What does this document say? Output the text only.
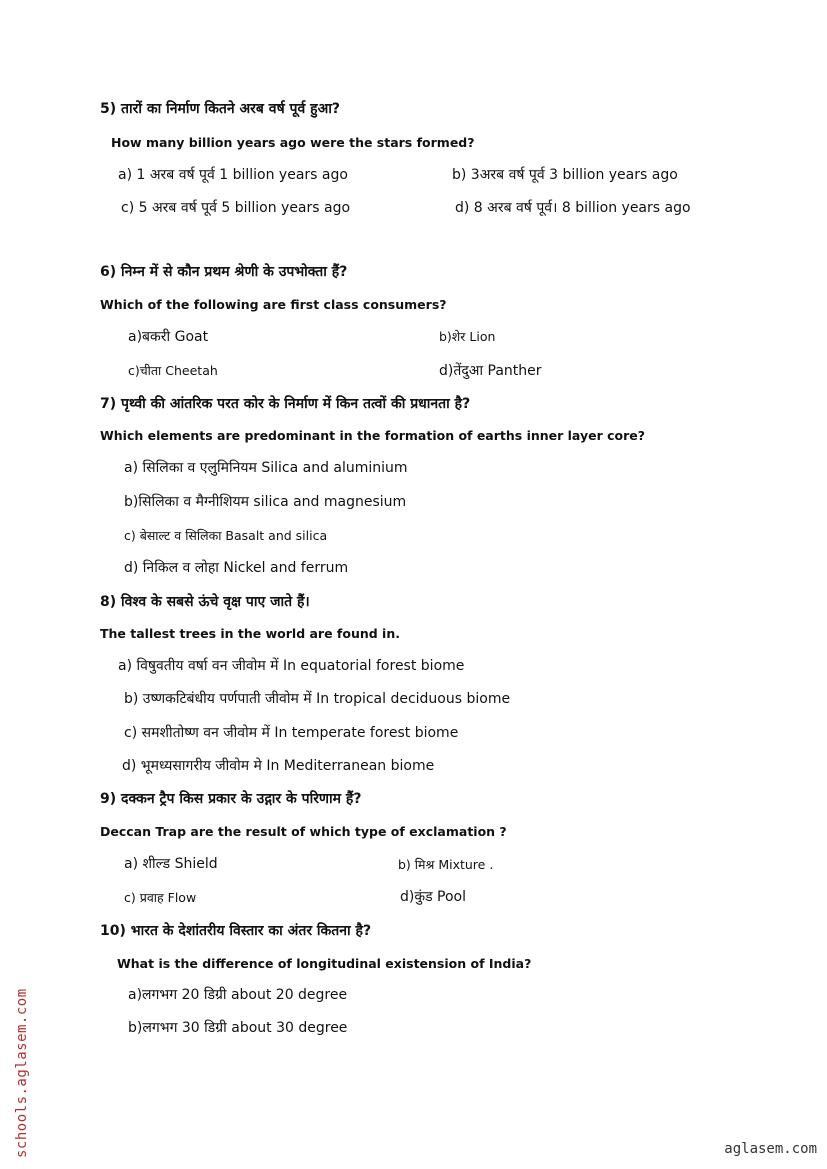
5) तारों का निर्माण कितने अरब वर्ष पूर्व हुआ?
How many billion years ago were the stars formed?
a) 1 अरब वर्ष पूर्व 1 billion years ago	b) 3अरब वर्ष पूर्व 3 billion years ago
c) 5 अरब वर्ष पूर्व 5 billion years ago	d) 8 अरब वर्ष पूर्व। 8 billion years ago
6) निम्न में से कौन प्रथम श्रेणी के उपभोक्ता हैं?
Which of the following are first class consumers?
a)बकरी Goat	b)शेर Lion
c)चीता Cheetah	d)तेंदुआ Panther
7) पृथ्वी की आंतरिक परत कोर के निर्माण में किन तत्वों की प्रधानता है?
Which elements are predominant in the formation of earths inner layer core?
a) सिलिका व एलुमिनियम Silica and aluminium
b)सिलिका व मैग्नीशियम silica and magnesium
c) बेसाल्ट व सिलिका Basalt and silica
d) निकिल व लोहा Nickel and ferrum
8) विश्व के सबसे ऊंचे वृक्ष पाए जाते हैं।
The tallest trees in the world are found in.
a) विषुवतीय वर्षा वन जीवोम में In equatorial forest biome
b) उष्णकटिबंधीय पर्णपाती जीवोम में In tropical deciduous biome
c) समशीतोष्ण वन जीवोम में In temperate forest biome
d) भूमध्यसागरीय जीवोम मे In Mediterranean biome
9) दक्कन ट्रैप किस प्रकार के उद्गार के परिणाम हैं?
Deccan Trap are the result of which type of exclamation ?
a) शील्ड Shield	b) मिश्र Mixture .
c) प्रवाह Flow	d)कुंड Pool
10) भारत के देशांतरीय विस्तार का अंतर कितना है?
What is the difference of longitudinal existension of India?
a)लगभग 20 डिग्री about 20 degree
b)लगभग 30 डिग्री about 30 degree
schools.aglasem.com	aglasem.com
